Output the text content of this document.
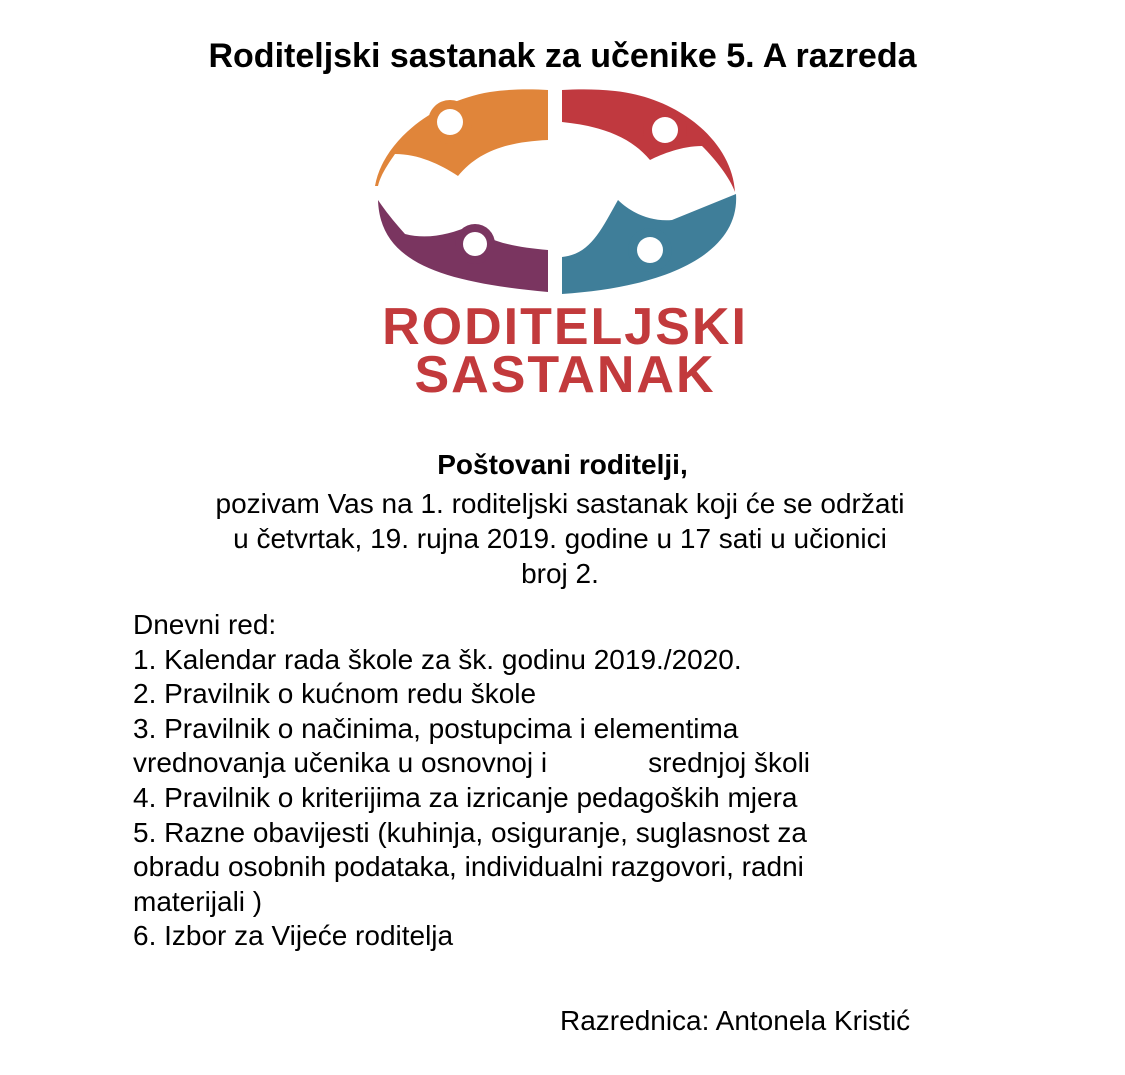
Roditeljski sastanak za učenike 5. A razreda
RODITELJSKI
SASTANAK
Poštovani roditelji,
pozivam Vas na 1. roditeljski sastanak koji će se održati
u četvrtak, 19. rujna 2019. godine u 17 sati u učionici
broj 2.
Dnevni red:
1. Kalendar rada škole za šk. godinu 2019./2020.
2. Pravilnik o kućnom redu škole
3. Pravilnik o načinima, postupcima i elementima
vrednovanja učenika u osnovnoj i             srednjoj školi
4. Pravilnik o kriterijima za izricanje pedagoških mjera
5. Razne obavijesti (kuhinja, osiguranje, suglasnost za
obradu osobnih podataka, individualni razgovori, radni
materijali )
6. Izbor za Vijeće roditelja
Razrednica: Antonela Kristić
